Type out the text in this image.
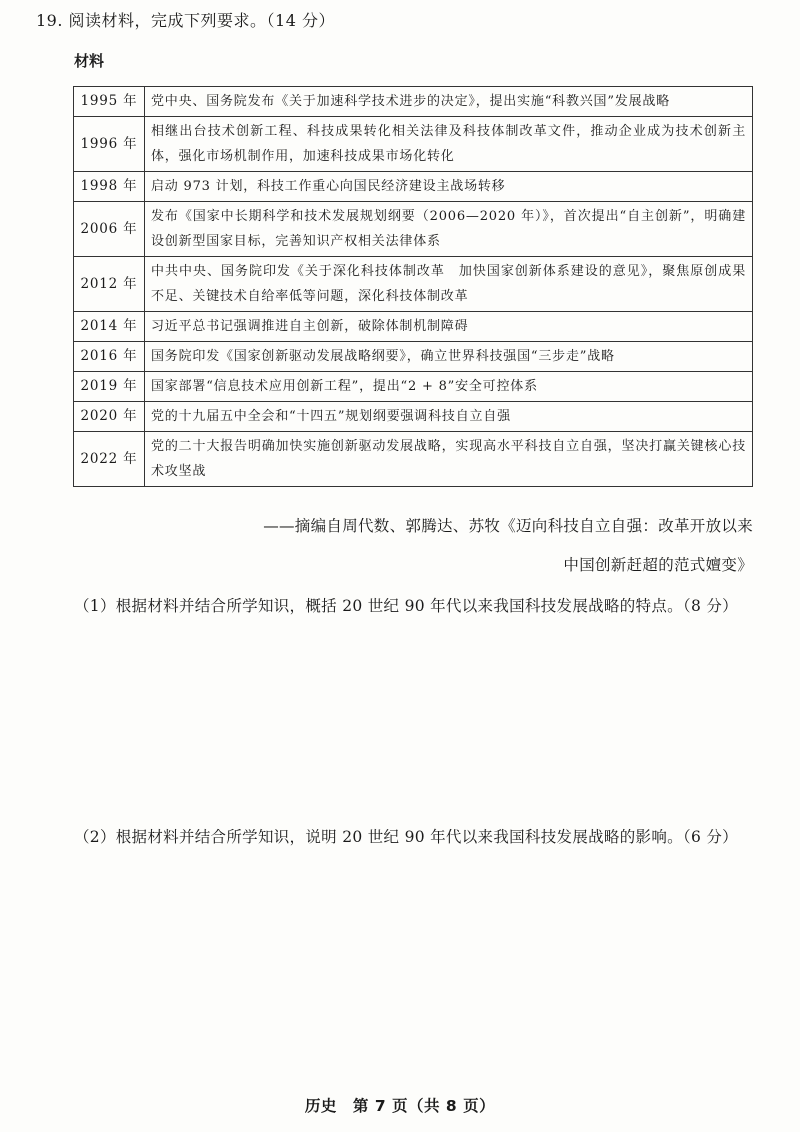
19. 阅读材料，完成下列要求。（14 分）
材料
1995 年	党中央、国务院发布《关于加速科学技术进步的决定》，提出实施“科教兴国”发展战略
1996 年	相继出台技术创新工程、科技成果转化相关法律及科技体制改革文件，推动企业成为技术创新主体，强化市场机制作用，加速科技成果市场化转化
1998 年	启动 973 计划，科技工作重心向国民经济建设主战场转移
2006 年	发布《国家中长期科学和技术发展规划纲要（2006—2020 年）》，首次提出“自主创新”，明确建设创新型国家目标，完善知识产权相关法律体系
2012 年	中共中央、国务院印发《关于深化科技体制改革　加快国家创新体系建设的意见》，聚焦原创成果不足、关键技术自给率低等问题，深化科技体制改革
2014 年	习近平总书记强调推进自主创新，破除体制机制障碍
2016 年	国务院印发《国家创新驱动发展战略纲要》，确立世界科技强国“三步走”战略
2019 年	国家部署“信息技术应用创新工程”，提出“2 + 8”安全可控体系
2020 年	党的十九届五中全会和“十四五”规划纲要强调科技自立自强
2022 年	党的二十大报告明确加快实施创新驱动发展战略，实现高水平科技自立自强，坚决打赢关键核心技术攻坚战
——摘编自周代数、郭腾达、苏牧《迈向科技自立自强：改革开放以来
中国创新赶超的范式嬗变》
（1）根据材料并结合所学知识，概括 20 世纪 90 年代以来我国科技发展战略的特点。（8 分）
（2）根据材料并结合所学知识，说明 20 世纪 90 年代以来我国科技发展战略的影响。（6 分）
历史　第 7 页（共 8 页）
